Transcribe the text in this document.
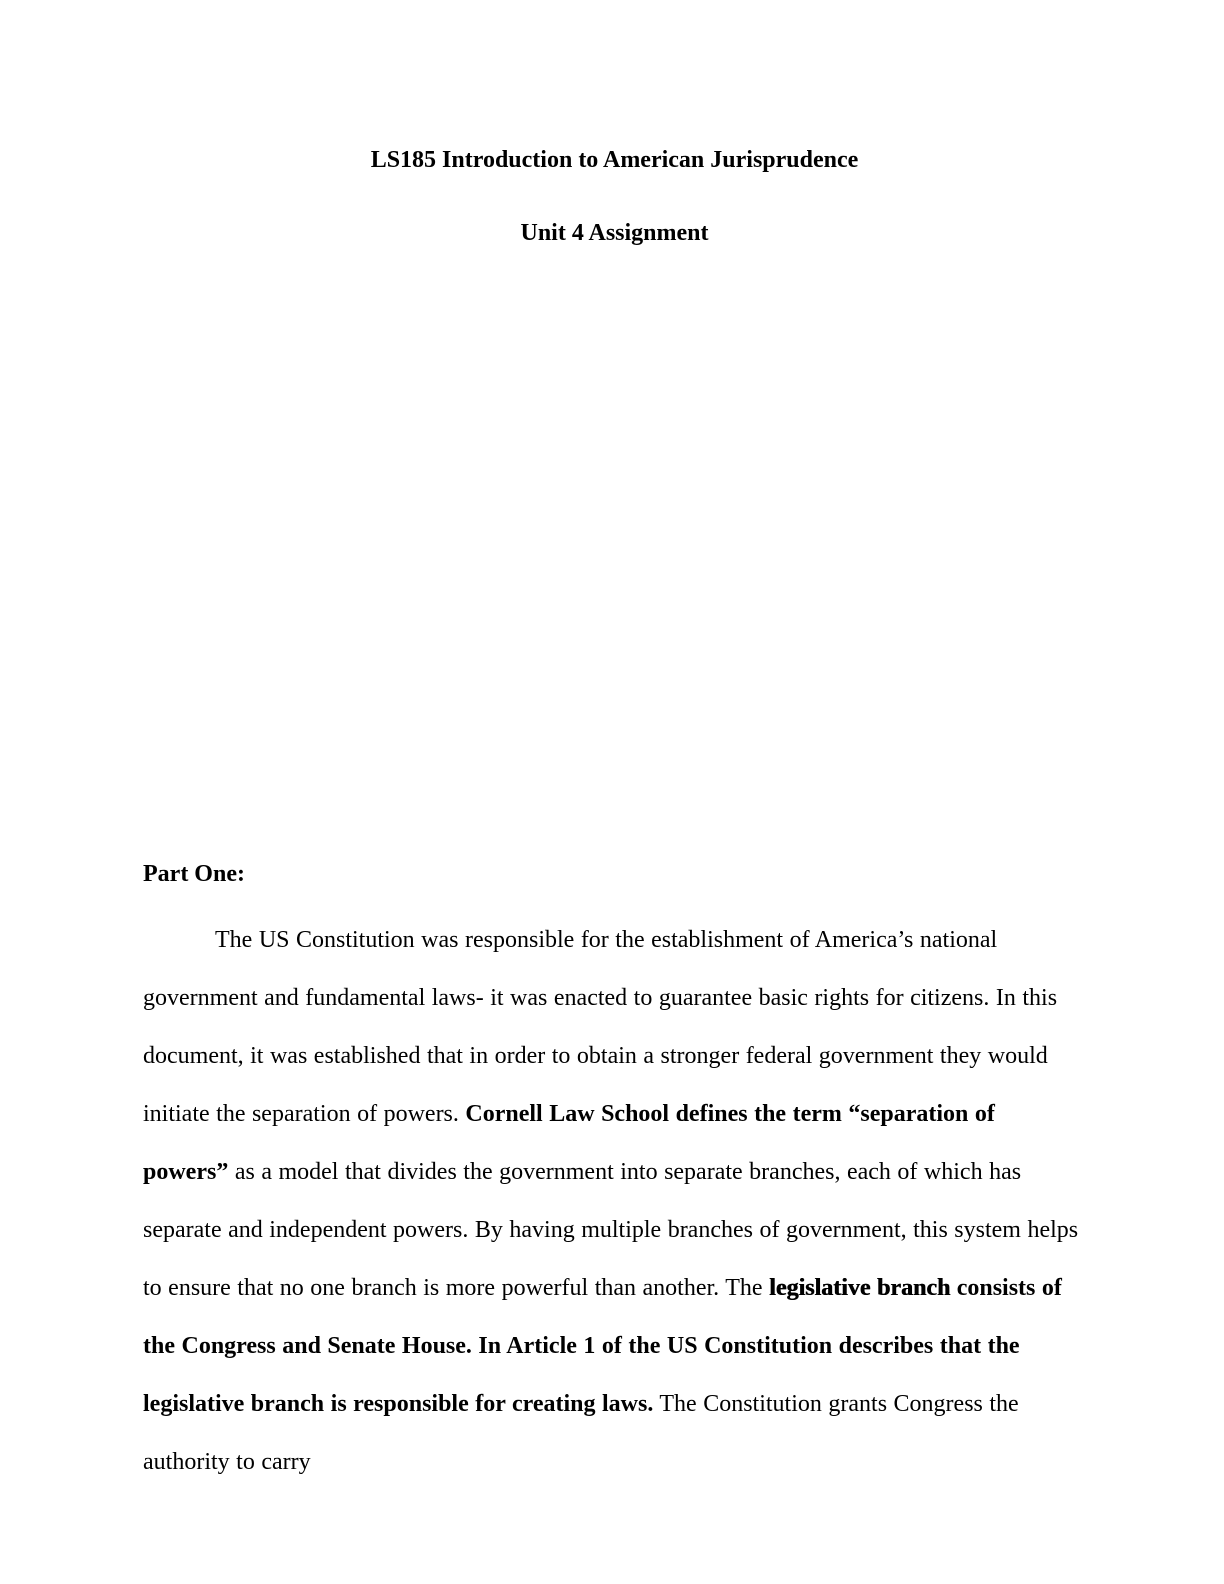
LS185 Introduction to American Jurisprudence
Unit 4 Assignment
Part One:

The US Constitution was responsible for the establishment of America’s national government and fundamental laws- it was enacted to guarantee basic rights for citizens. In this document, it was established that in order to obtain a stronger federal government they would initiate the separation of powers. Cornell Law School defines the term “separation of powers” as a model that divides the government into separate branches, each of which has separate and independent powers. By having multiple branches of government, this system helps to ensure that no one branch is more powerful than another. The legislative branch consists of the Congress and Senate House. In Article 1 of the US Constitution describes that the legislative branch is responsible for creating laws. The Constitution grants Congress the authority to carry
